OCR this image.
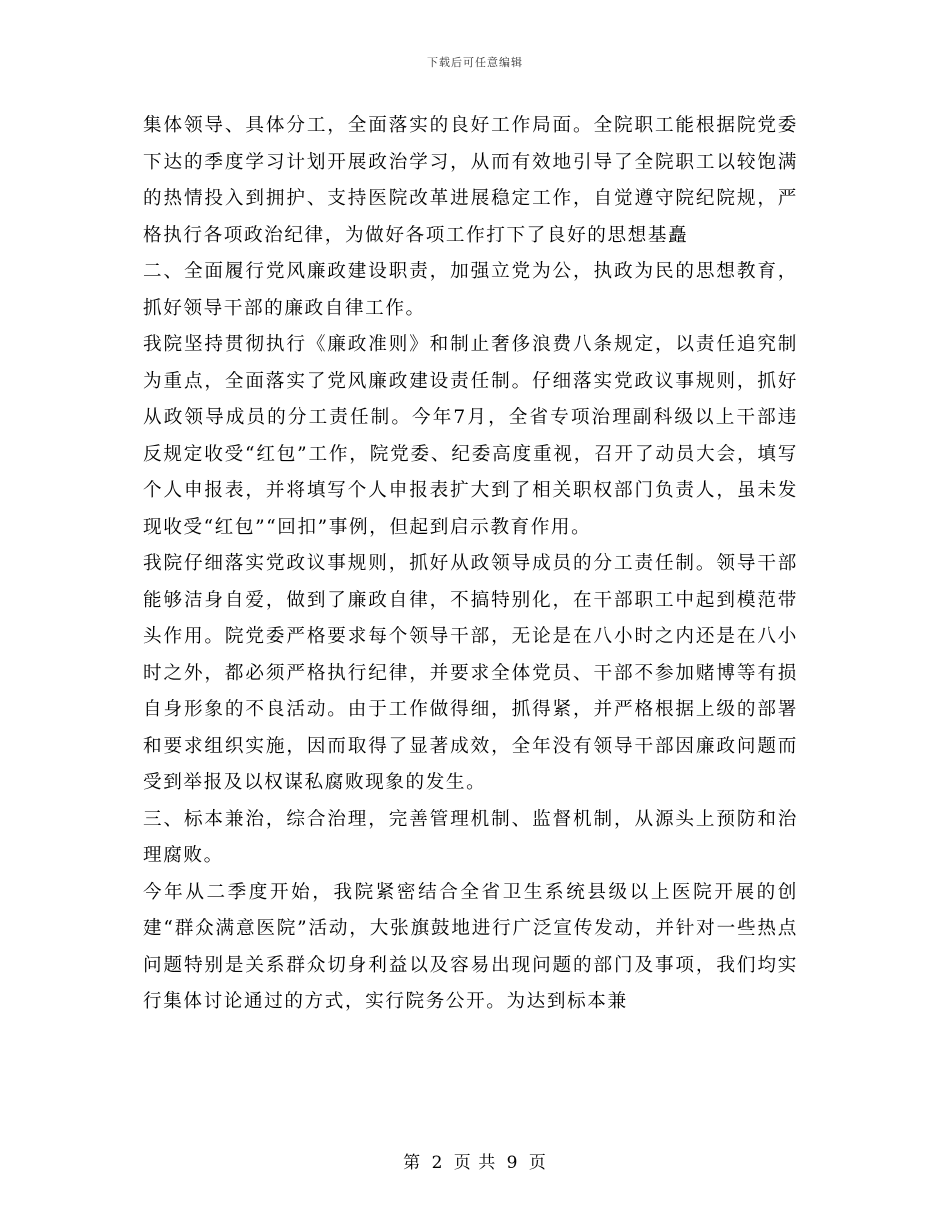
下载后可任意编辑

集体领导、具体分工，全面落实的良好工作局面。全院职工能根据院党委下达的季度学习计划开展政治学习，从而有效地引导了全院职工以较饱满的热情投入到拥护、支持医院改革进展稳定工作，自觉遵守院纪院规，严格执行各项政治纪律，为做好各项工作打下了良好的思想基矗

二、全面履行党风廉政建设职责，加强立党为公，执政为民的思想教育，抓好领导干部的廉政自律工作。

我院坚持贯彻执行《廉政准则》和制止奢侈浪费八条规定，以责任追究制为重点，全面落实了党风廉政建设责任制。仔细落实党政议事规则，抓好从政领导成员的分工责任制。今年7月，全省专项治理副科级以上干部违反规定收受“红包”工作，院党委、纪委高度重视，召开了动员大会，填写个人申报表，并将填写个人申报表扩大到了相关职权部门负责人，虽未发现收受“红包”“回扣”事例，但起到启示教育作用。

我院仔细落实党政议事规则，抓好从政领导成员的分工责任制。领导干部能够洁身自爱，做到了廉政自律，不搞特别化，在干部职工中起到模范带头作用。院党委严格要求每个领导干部，无论是在八小时之内还是在八小时之外，都必须严格执行纪律，并要求全体党员、干部不参加赌博等有损自身形象的不良活动。由于工作做得细，抓得紧，并严格根据上级的部署和要求组织实施，因而取得了显著成效，全年没有领导干部因廉政问题而受到举报及以权谋私腐败现象的发生。

三、标本兼治，综合治理，完善管理机制、监督机制，从源头上预防和治理腐败。

今年从二季度开始，我院紧密结合全省卫生系统县级以上医院开展的创建“群众满意医院”活动，大张旗鼓地进行广泛宣传发动，并针对一些热点问题特别是关系群众切身利益以及容易出现问题的部门及事项，我们均实行集体讨论通过的方式，实行院务公开。为达到标本兼

第 2 页 共 9 页
